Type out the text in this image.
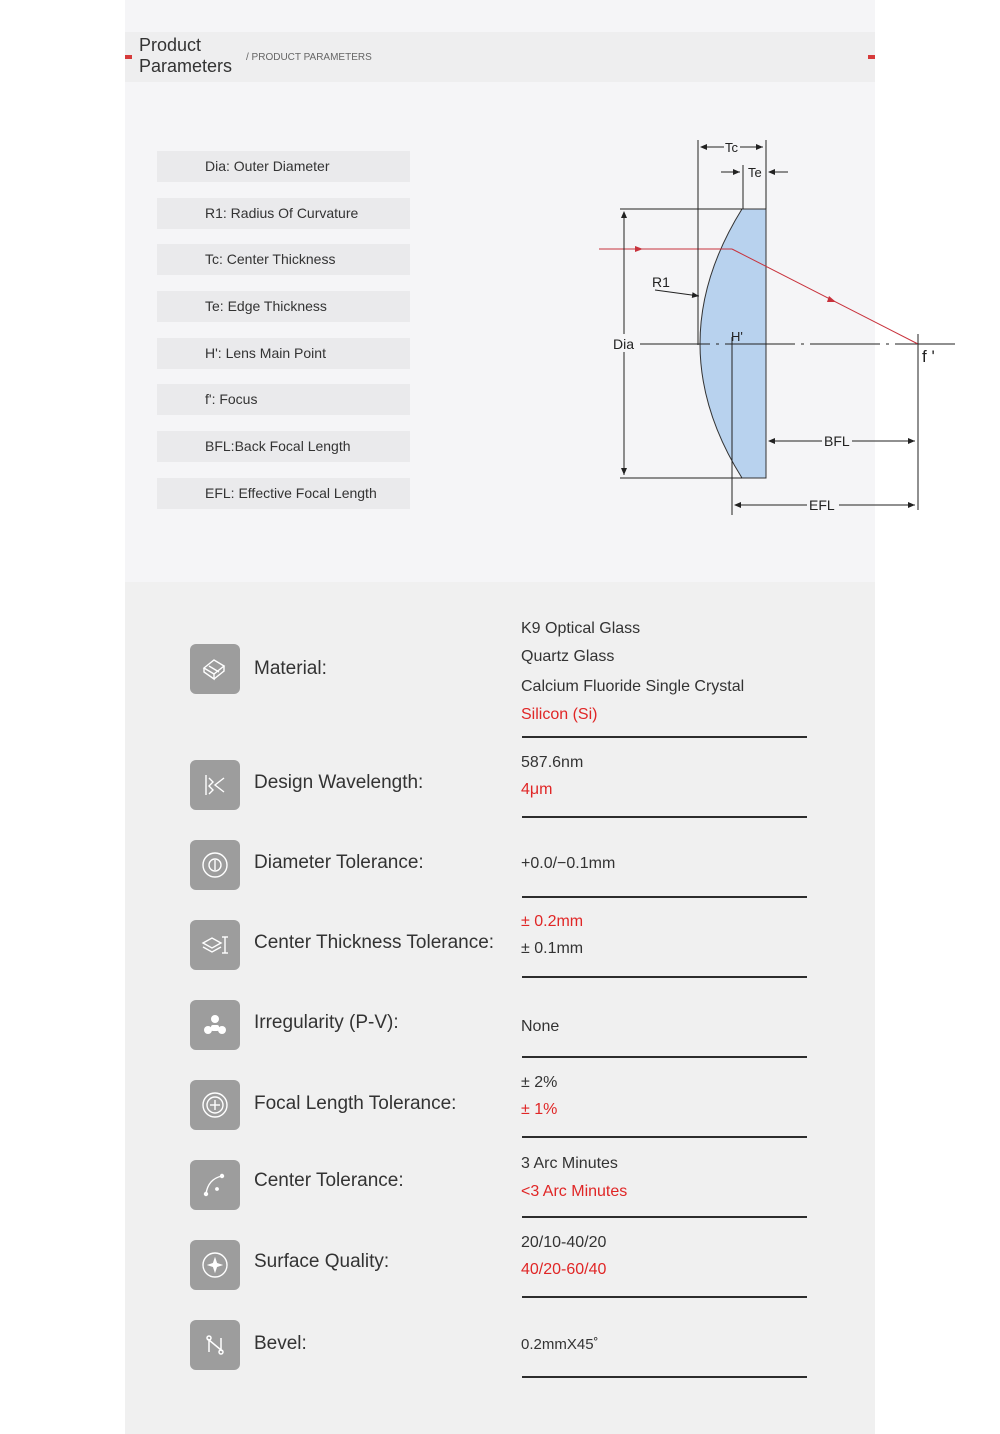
Product Parameters	/ PRODUCT PARAMETERS
Dia: Outer Diameter
R1: Radius Of Curvature
Tc: Center Thickness
Te: Edge Thickness
H': Lens Main Point
f': Focus
BFL:Back Focal Length
EFL: Effective Focal Length
Dia
Tc
Te
R1
H'
f '
BFL
EFL
Material:
K9 Optical Glass
Quartz Glass
Calcium Fluoride Single Crystal
Silicon (Si)
Design Wavelength:
587.6nm
4μm
Diameter Tolerance:	+0.0/−0.1mm
Center Thickness Tolerance:
± 0.2mm
± 0.1mm
Irregularity (P-V):	None
Focal Length Tolerance:
± 2%
± 1%
Center Tolerance:
3 Arc Minutes
<3 Arc Minutes
Surface Quality:
20/10-40/20
40/20-60/40
Bevel:	0.2mmX45˚
